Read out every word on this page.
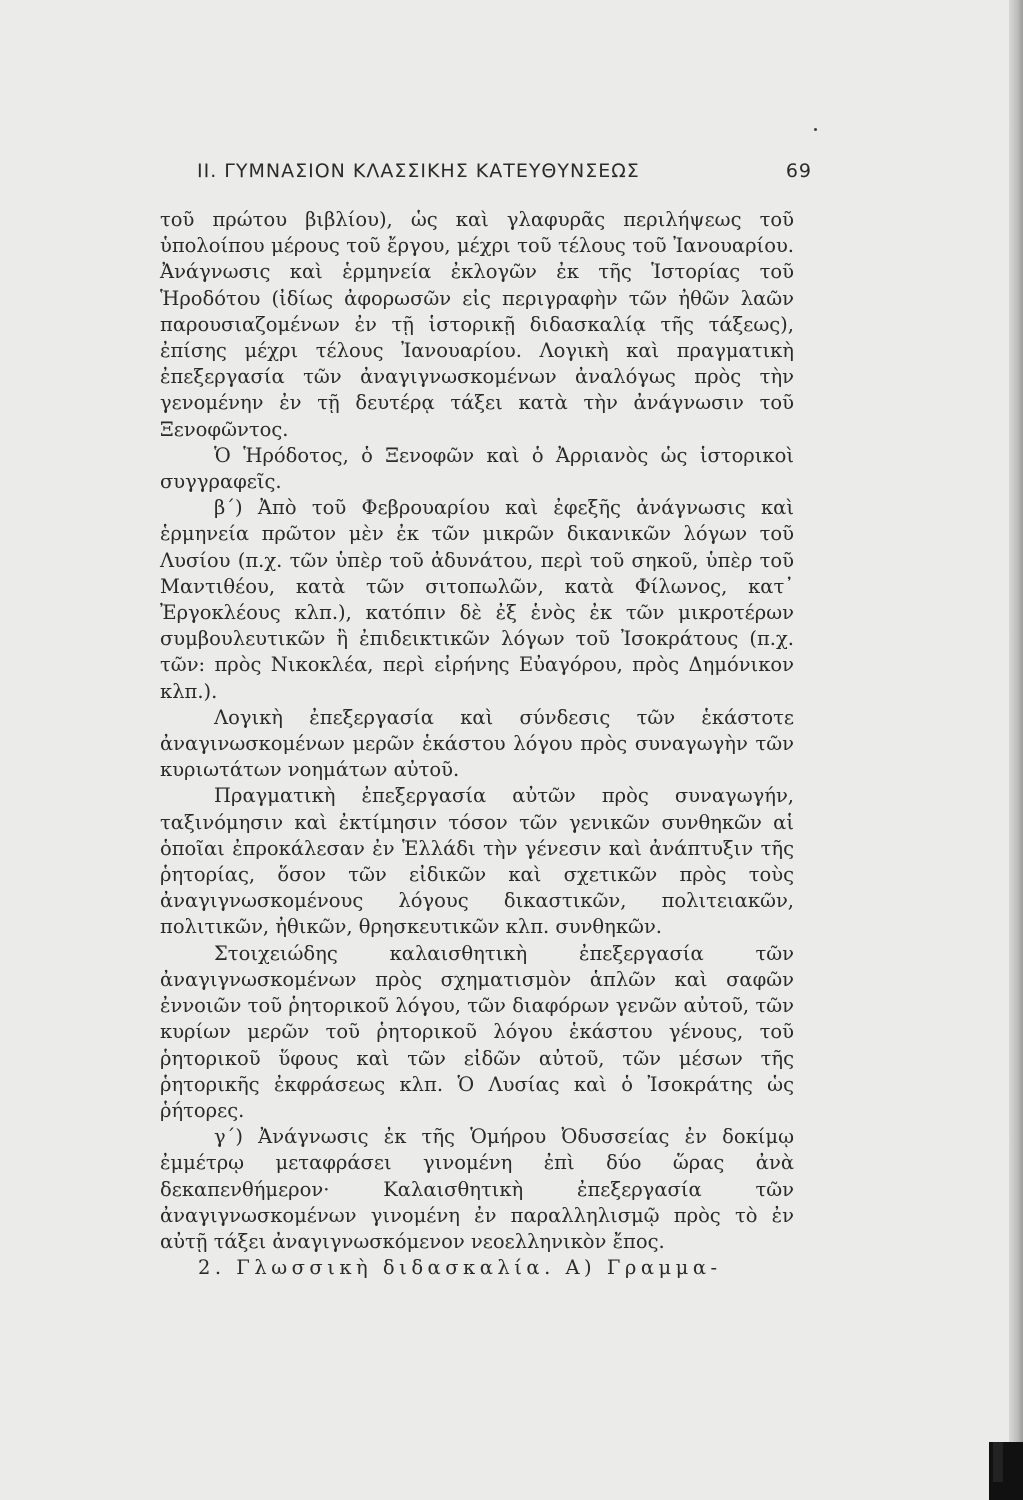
ΙΙ. ΓΥΜΝΑΣΙΟΝ ΚΛΑΣΣΙΚΗΣ ΚΑΤΕΥΘΥΝΣΕΩΣ	69

τοῦ πρώτου βιβλίου), ὡς καὶ γλαφυρᾶς περιλήψεως τοῦ ὑπολοίπου μέρους τοῦ ἔργου, μέχρι τοῦ τέλους τοῦ Ἰανουαρίου. Ἀνάγνωσις καὶ ἑρμηνεία ἐκλογῶν ἐκ τῆς Ἱστορίας τοῦ Ἡροδότου (ἰδίως ἀφορωσῶν εἰς περιγραφὴν τῶν ἠθῶν λαῶν παρουσιαζομένων ἐν τῇ ἱστορικῇ διδασκαλίᾳ τῆς τάξεως), ἐπίσης μέχρι τέλους Ἰανουαρίου. Λογικὴ καὶ πραγματικὴ ἐπεξεργασία τῶν ἀναγιγνωσκομένων ἀναλόγως πρὸς τὴν γενομένην ἐν τῇ δευτέρᾳ τάξει κατὰ τὴν ἀνάγνωσιν τοῦ Ξενοφῶντος.

Ὁ Ἡρόδοτος, ὁ Ξενοφῶν καὶ ὁ Ἀρριανὸς ὡς ἱστορικοὶ συγγραφεῖς.

β΄) Ἀπὸ τοῦ Φεβρουαρίου καὶ ἐφεξῆς ἀνάγνωσις καὶ ἑρμηνεία πρῶτον μὲν ἐκ τῶν μικρῶν δικανικῶν λόγων τοῦ Λυσίου (π.χ. τῶν ὑπὲρ τοῦ ἀδυνάτου, περὶ τοῦ σηκοῦ, ὑπὲρ τοῦ Μαντιθέου, κατὰ τῶν σιτοπωλῶν, κατὰ Φίλωνος, κατ᾽ Ἐργοκλέους κλπ.), κατόπιν δὲ ἐξ ἑνὸς ἐκ τῶν μικροτέρων συμβουλευτικῶν ἢ ἐπιδεικτικῶν λόγων τοῦ Ἰσοκράτους (π.χ. τῶν: πρὸς Νικοκλέα, περὶ εἰρήνης Εὐαγόρου, πρὸς Δημόνικον κλπ.).

Λογικὴ ἐπεξεργασία καὶ σύνδεσις τῶν ἑκάστοτε ἀναγινωσκομένων μερῶν ἑκάστου λόγου πρὸς συναγωγὴν τῶν κυριωτάτων νοημάτων αὐτοῦ.

Πραγματικὴ ἐπεξεργασία αὐτῶν πρὸς συναγωγήν, ταξινόμησιν καὶ ἐκτίμησιν τόσον τῶν γενικῶν συνθηκῶν αἱ ὁποῖαι ἐπροκάλεσαν ἐν Ἑλλάδι τὴν γένεσιν καὶ ἀνάπτυξιν τῆς ῥητορίας, ὅσον τῶν εἰδικῶν καὶ σχετικῶν πρὸς τοὺς ἀναγιγνωσκομένους λόγους δικαστικῶν, πολιτειακῶν, πολιτικῶν, ἠθικῶν, θρησκευτικῶν κλπ. συνθηκῶν.

Στοιχειώδης καλαισθητικὴ ἐπεξεργασία τῶν ἀναγιγνωσκομένων πρὸς σχηματισμὸν ἁπλῶν καὶ σαφῶν ἐννοιῶν τοῦ ῥητορικοῦ λόγου, τῶν διαφόρων γενῶν αὐτοῦ, τῶν κυρίων μερῶν τοῦ ῥητορικοῦ λόγου ἑκάστου γένους, τοῦ ῥητορικοῦ ὕφους καὶ τῶν εἰδῶν αὐτοῦ, τῶν μέσων τῆς ῥητορικῆς ἐκφράσεως κλπ. Ὁ Λυσίας καὶ ὁ Ἰσοκράτης ὡς ῥήτορες.

γ΄) Ἀνάγνωσις ἐκ τῆς Ὁμήρου Ὀδυσσείας ἐν δοκίμῳ ἐμμέτρῳ μεταφράσει γινομένη ἐπὶ δύο ὥρας ἀνὰ δεκαπενθήμερον· Καλαισθητικὴ ἐπεξεργασία τῶν ἀναγιγνωσκομένων γινομένη ἐν παραλληλισμῷ πρὸς τὸ ἐν αὐτῇ τάξει ἀναγιγνωσκόμενον νεοελληνικὸν ἔπος.

2. Γλωσσικὴ διδασκαλία. Α) Γραμμα-
